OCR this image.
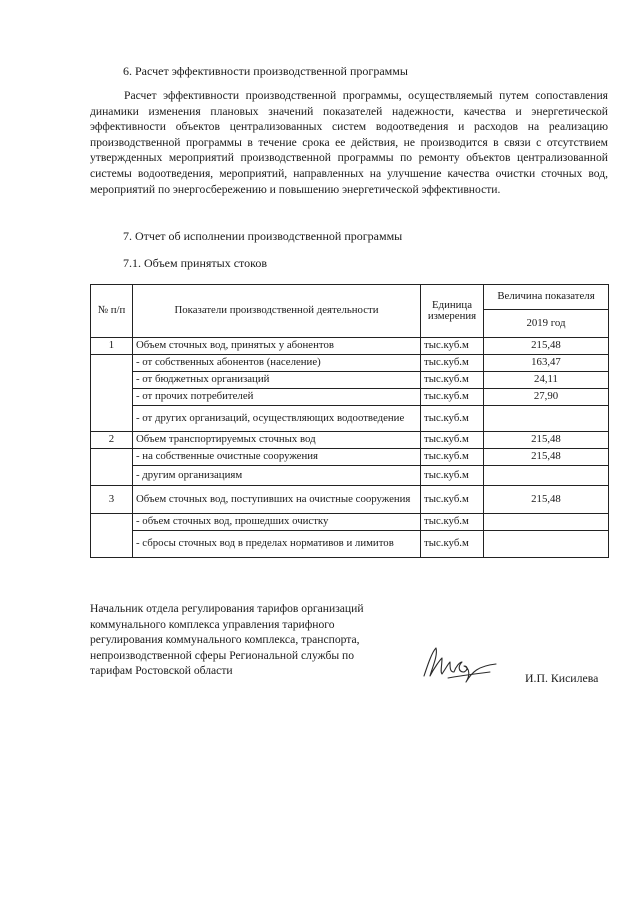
6. Расчет эффективности производственной программы
Расчет эффективности производственной программы, осуществляемый путем сопоставления динамики изменения плановых значений показателей надежности, качества и энергетической эффективности объектов централизованных систем водоотведения и расходов на реализацию производственной программы в течение срока ее действия, не производится в связи с отсутствием утвержденных мероприятий производственной программы по ремонту объектов централизованной системы водоотведения, мероприятий, направленных на улучшение качества очистки сточных вод, мероприятий по энергосбережению и повышению энергетической эффективности.
7. Отчет об исполнении производственной программы
7.1. Объем принятых стоков
№ п/п	Показатели производственной деятельности	Единица измерения	Величина показателя
			2019 год
1	Объем сточных вод, принятых у абонентов	тыс.куб.м	215,48
	- от собственных абонентов (население)	тыс.куб.м	163,47
	- от бюджетных организаций	тыс.куб.м	24,11
	- от прочих потребителей	тыс.куб.м	27,90
	- от других организаций, осуществляющих водоотведение	тыс.куб.м	
2	Объем транспортируемых сточных вод	тыс.куб.м	215,48
	- на собственные очистные сооружения	тыс.куб.м	215,48
	- другим организациям	тыс.куб.м	
3	Объем сточных вод, поступивших на очистные сооружения	тыс.куб.м	215,48
	- объем сточных вод, прошедших очистку	тыс.куб.м	
	- сбросы сточных вод в пределах нормативов и лимитов	тыс.куб.м	
Начальник отдела регулирования тарифов организаций
коммунального комплекса управления тарифного
регулирования коммунального комплекса, транспорта,
непроизводственной сферы Региональной службы по
тарифам Ростовской области
И.П. Кисилева
